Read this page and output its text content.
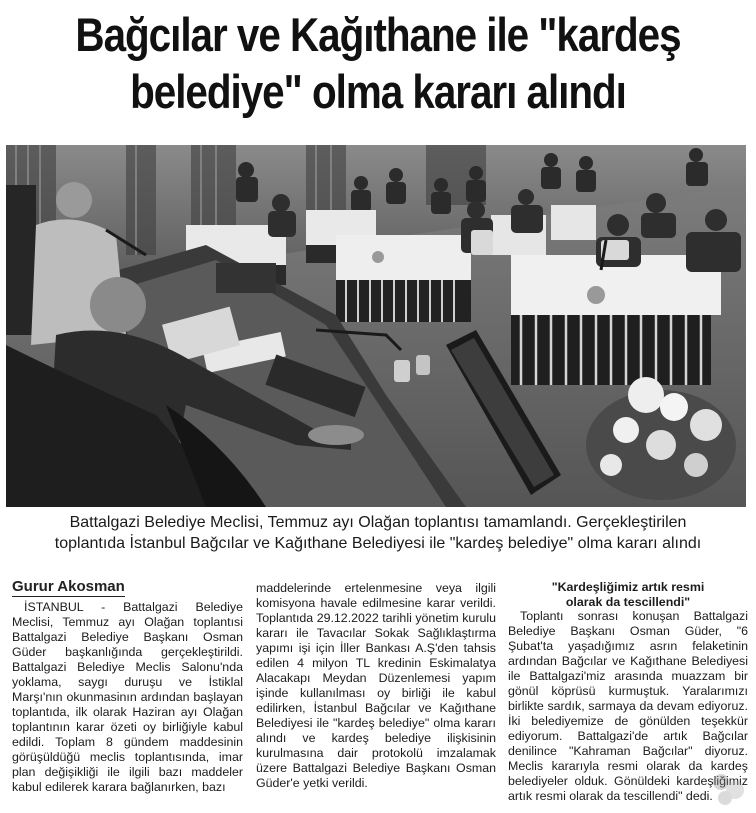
Bağcılar ve Kağıthane ile "kardeş
belediye" olma kararı alındı

Battalgazi Belediye Meclisi, Temmuz ayı Olağan toplantısı tamamlandı. Gerçekleştirilen

toplantıda İstanbul Bağcılar ve Kağıthane Belediyesi ile "kardeş belediye" olma kararı alındı

Gurur Akosman

İSTANBUL - Battalgazi Belediye Meclisi, Temmuz ayı Olağan toplantısi Battalgazi Belediye Başkanı Osman Güder başkanlığında gerçekleştirildi. Battalgazi Belediye Meclis Salonu'nda yoklama, saygı duruşu ve İstiklal Marşı'nın okunmasinın ardından başlayan toplantıda, ilk olarak Haziran ayı Olağan toplantının karar özeti oy birliğiyle kabul edildi. Toplam 8 gündem maddesinin görüşüldüğü meclis toplantısında, imar plan değişikliği ile ilgili bazı maddeler kabul edilerek karara bağlanırken, bazı

maddelerinde ertelenmesine veya ilgili komisyona havale edilmesine karar verildi. Toplantıda 29.12.2022 tarihli yönetim kurulu kararı ile Tavacılar Sokak Sağlıklaştırma yapımı işi için İller Bankası A.Ş'den tahsis edilen 4 milyon TL kredinin Eskimalatya Alacakapı Meydan Düzenlemesi yapım işinde kullanılması oy birliği ile kabul edilirken, İstanbul Bağcılar ve Kağıthane Belediyesi ile "kardeş belediye" olma kararı alındı ve kardeş belediye ilişkisinin kurulmasına dair protokolü imzalamak üzere Battalgazi Belediye Başkanı Osman Güder'e yetki verildi.

"Kardeşliğimiz artık resmi

olarak da tescillendi"

Toplantı sonrası konuşan Battalgazi Belediye Başkanı Osman Güder, "6 Şubat'ta yaşadığımız asrın felaketinin ardından Bağcılar ve Kağıthane Belediyesi ile Battalgazi'miz arasında muazzam bir gönül köprüsü kurmuştuk. Yaralarımızı birlikte sardık, sarmaya da devam ediyoruz. İki belediyemize de gönülden teşekkür ediyorum. Battalgazi'de artık Bağcılar denilince "Kahraman Bağcılar" diyoruz. Meclis kararıyla resmi olarak da kardeş belediyeler olduk. Gönüldeki kardeşliğimiz artık resmi olarak da tescillendi" dedi.
